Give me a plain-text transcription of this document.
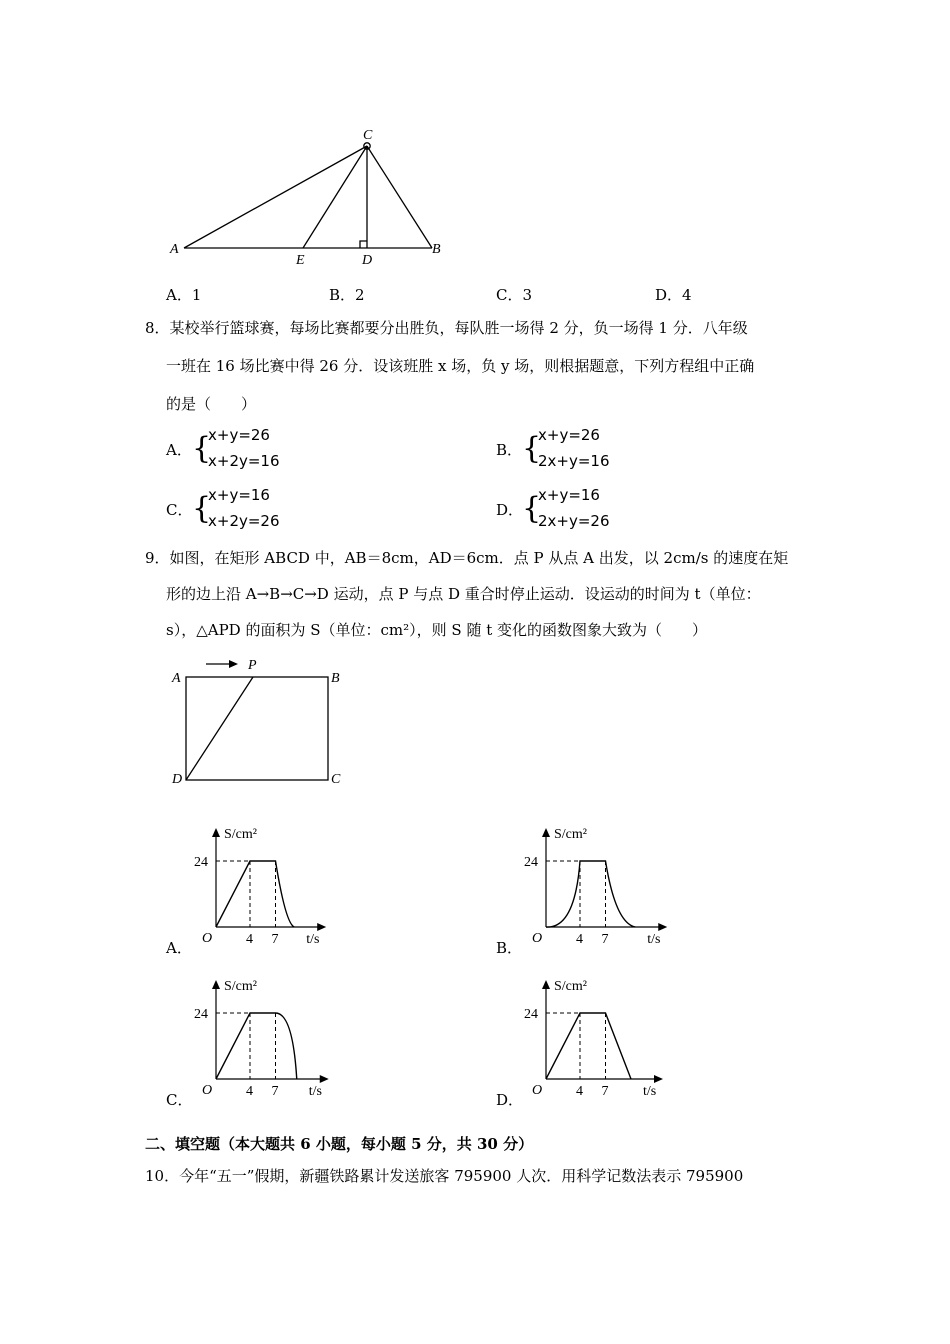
A	B
C
D
E
A．1	B．2	C．3	D．4
8．某校举行篮球赛，每场比赛都要分出胜负，每队胜一场得 2 分，负一场得 1 分．八年级
一班在 16 场比赛中得 26 分．设该班胜 x 场，负 y 场，则根据题意，下列方程组中正确
的是（　　）
A． {
x+y=26
x+2y=16
B． {
x+y=26
2x+y=16
C． {
x+y=16
x+2y=26
D．
{
x+y=16
2x+y=26
9．如图，在矩形 ABCD 中，AB＝8cm，AD＝6cm．点 P 从点 A 出发，以 2cm/s 的速度在矩
形的边上沿 A→B→C→D 运动，点 P 与点 D 重合时停止运动．设运动的时间为 t（单位：
s），△APD 的面积为 S（单位：cm²），则 S 随 t 变化的函数图象大致为（　　）
A	B
C
D
P
A．
S/cm²
t/s
O
24
4 7	B．
S/cm²
t/s
O
24
4 7
C．
S/cm²
t/s
O
24
4 7	D．
S/cm²
t/s
O
24
4 7
二、填空题（本大题共 6 小题，每小题 5 分，共 30 分）
10．今年“五一”假期，新疆铁路累计发送旅客 795900 人次．用科学记数法表示 795900
